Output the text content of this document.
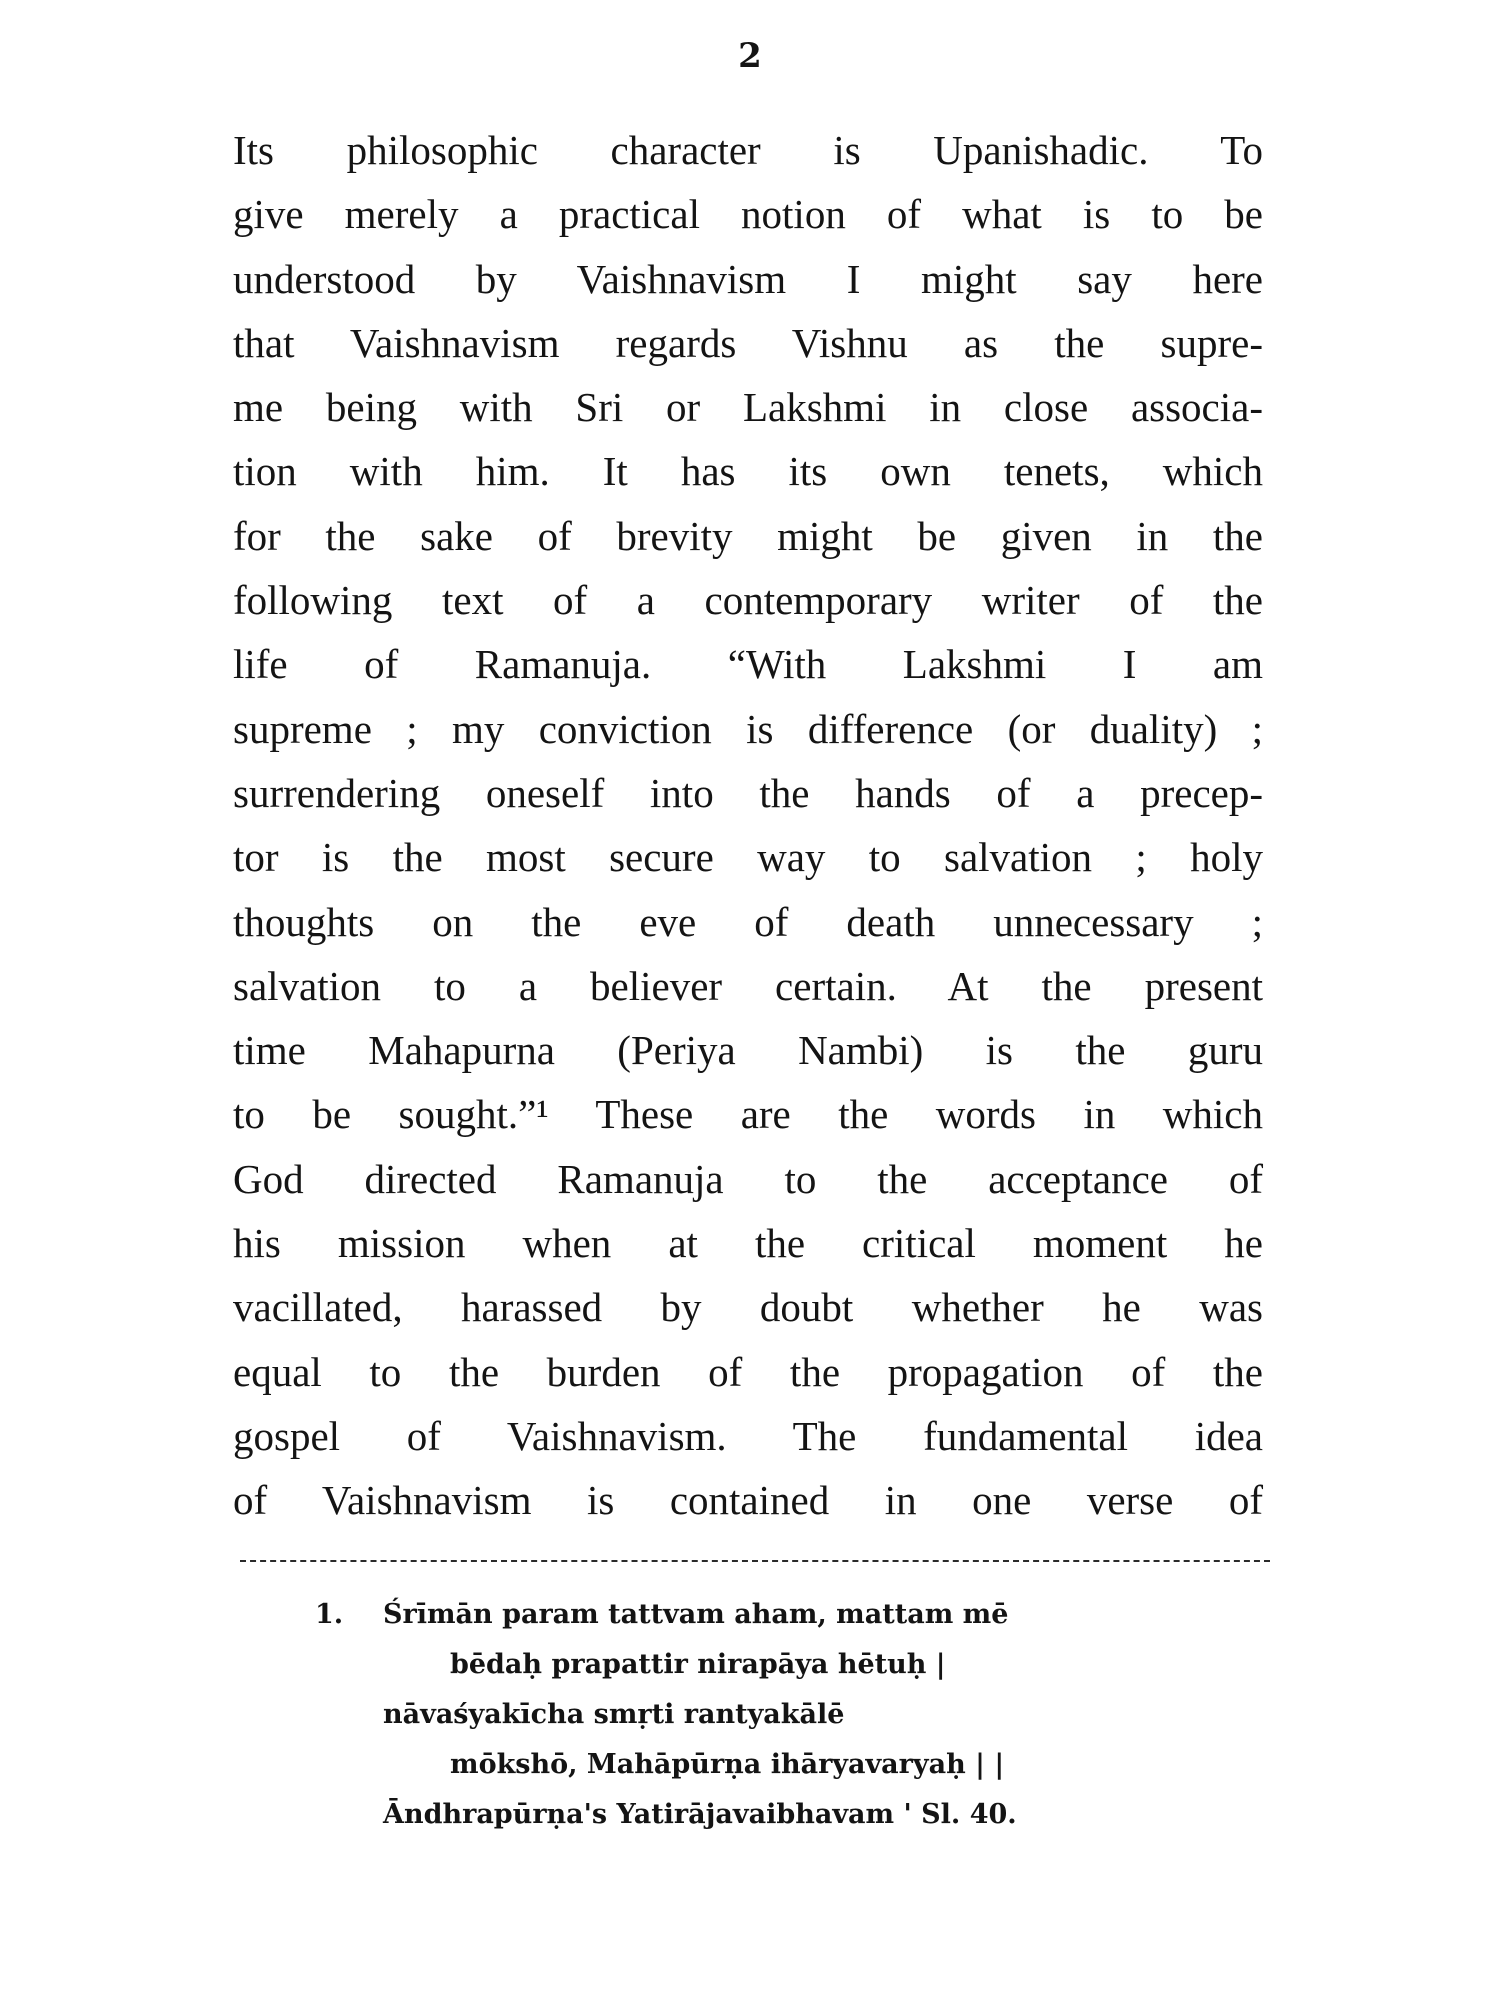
2
Its philosophic character is Upanishadic. To
give merely a practical notion of what is to be
understood by Vaishnavism I might say here
that Vaishnavism regards Vishnu as the supre-
me being with Sri or Lakshmi in close associa-
tion with him. It has its own tenets, which
for the sake of brevity might be given in the
following text of a contemporary writer of the
life of Ramanuja. “With Lakshmi I am
supreme ; my conviction is difference (or duality) ;
surrendering oneself into the hands of a precep-
tor is the most secure way to salvation ; holy
thoughts on the eve of death unnecessary ;
salvation to a believer certain. At the present
time Mahapurna (Periya Nambi) is the guru
to be sought.”¹ These are the words in which
God directed Ramanuja to the acceptance of
his mission when at the critical moment he
vacillated, harassed by doubt whether he was
equal to the burden of the propagation of the
gospel of Vaishnavism. The fundamental idea
of Vaishnavism is contained in one verse of
1. Śrīmān param tattvam aham, mattam mē
bēdaḥ prapattir nirapāya hētuḥ |
nāvaśyakīcha smṛti rantyakālē
mōkshō, Mahāpūrṇa ihāryavaryaḥ | |
Āndhrapūrṇa's Yatirājavaibhavam ' Sl. 40.
